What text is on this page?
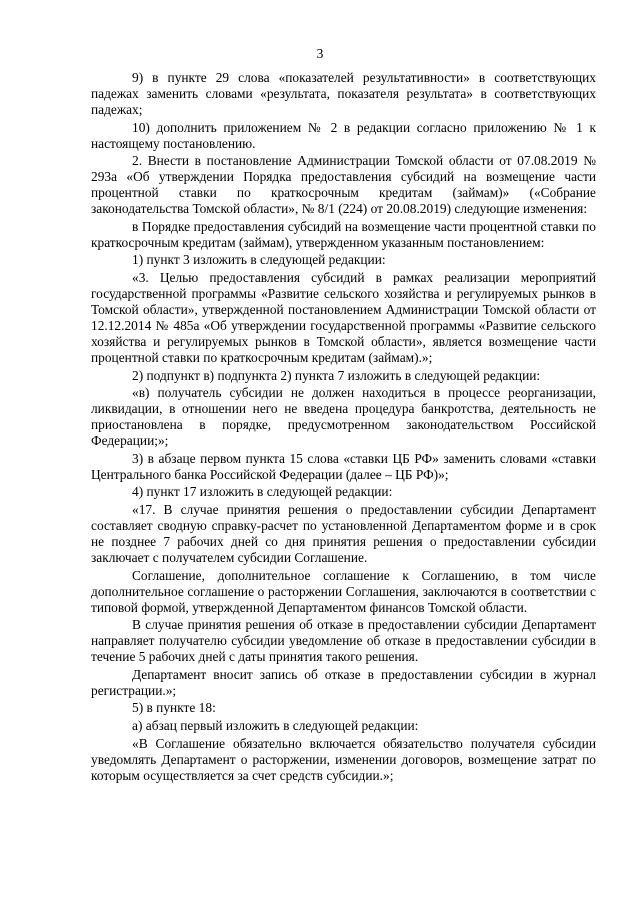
3

9) в пункте 29 слова «показателей результативности» в соответствующих падежах заменить словами «результата, показателя результата» в соответствующих падежах;

10) дополнить приложением № 2 в редакции согласно приложению № 1 к настоящему постановлению.

2. Внести в постановление Администрации Томской области от 07.08.2019 № 293а «Об утверждении Порядка предоставления субсидий на возмещение части процентной ставки по краткосрочным кредитам (займам)» («Собрание законодательства Томской области», № 8/1 (224) от 20.08.2019) следующие изменения:

в Порядке предоставления субсидий на возмещение части процентной ставки по краткосрочным кредитам (займам), утвержденном указанным постановлением:

1) пункт 3 изложить в следующей редакции:

«3. Целью предоставления субсидий в рамках реализации мероприятий государственной программы «Развитие сельского хозяйства и регулируемых рынков в Томской области», утвержденной постановлением Администрации Томской области от 12.12.2014 № 485а «Об утверждении государственной программы «Развитие сельского хозяйства и регулируемых рынков в Томской области», является возмещение части процентной ставки по краткосрочным кредитам (займам).»;

2) подпункт в) подпункта 2) пункта 7 изложить в следующей редакции:

«в) получатель субсидии не должен находиться в процессе реорганизации, ликвидации, в отношении него не введена процедура банкротства, деятельность не приостановлена в порядке, предусмотренном законодательством Российской Федерации;»;

3) в абзаце первом пункта 15 слова «ставки ЦБ РФ» заменить словами «ставки Центрального банка Российской Федерации (далее – ЦБ РФ)»;

4) пункт 17 изложить в следующей редакции:

«17. В случае принятия решения о предоставлении субсидии Департамент составляет сводную справку-расчет по установленной Департаментом форме и в срок не позднее 7 рабочих дней со дня принятия решения о предоставлении субсидии заключает с получателем субсидии Соглашение.

Соглашение, дополнительное соглашение к Соглашению, в том числе дополнительное соглашение о расторжении Соглашения, заключаются в соответствии с типовой формой, утвержденной Департаментом финансов Томской области.

В случае принятия решения об отказе в предоставлении субсидии Департамент направляет получателю субсидии уведомление об отказе в предоставлении субсидии в течение 5 рабочих дней с даты принятия такого решения.

Департамент вносит запись об отказе в предоставлении субсидии в журнал регистрации.»;

5) в пункте 18:

а) абзац первый изложить в следующей редакции:

«В Соглашение обязательно включается обязательство получателя субсидии уведомлять Департамент о расторжении, изменении договоров, возмещение затрат по которым осуществляется за счет средств субсидии.»;
